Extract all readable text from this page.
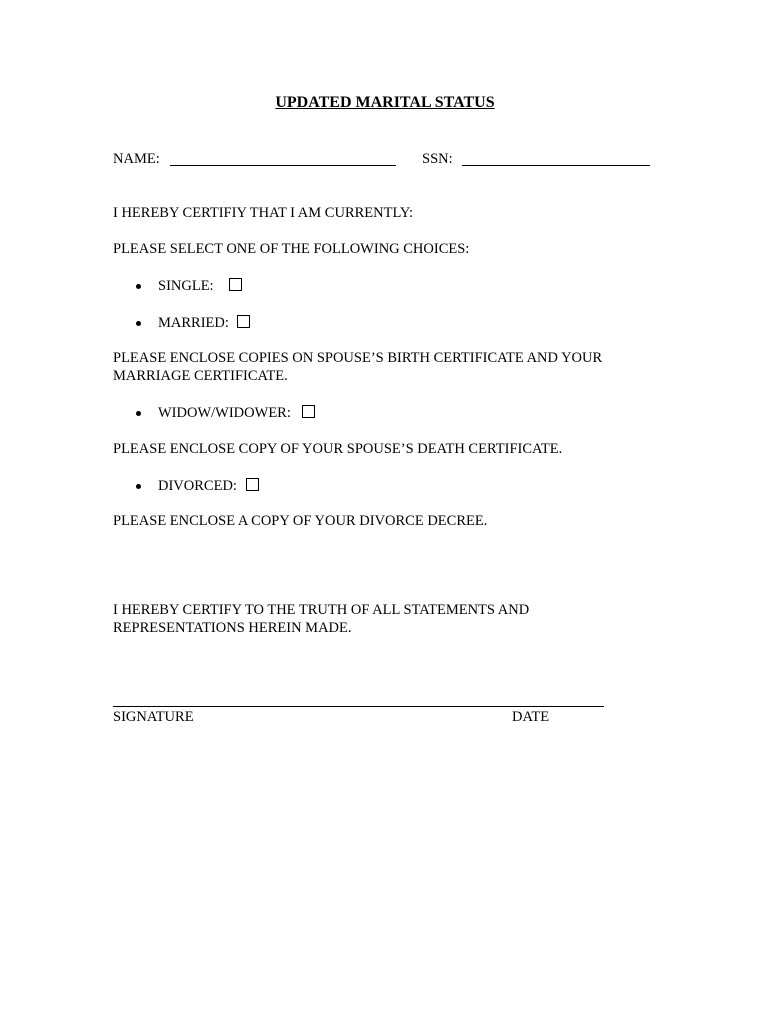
UPDATED MARITAL STATUS
NAME:	SSN:
I HEREBY CERTIFIY THAT I AM CURRENTLY:
PLEASE SELECT ONE OF THE FOLLOWING CHOICES:
SINGLE:
MARRIED:
PLEASE ENCLOSE COPIES ON SPOUSE’S BIRTH CERTIFICATE AND YOUR
MARRIAGE CERTIFICATE.
WIDOW/WIDOWER:
PLEASE ENCLOSE COPY OF YOUR SPOUSE’S DEATH CERTIFICATE.
DIVORCED:
PLEASE ENCLOSE A COPY OF YOUR DIVORCE DECREE.
I HEREBY CERTIFY TO THE TRUTH OF ALL STATEMENTS AND
REPRESENTATIONS HEREIN MADE.
SIGNATURE	DATE
